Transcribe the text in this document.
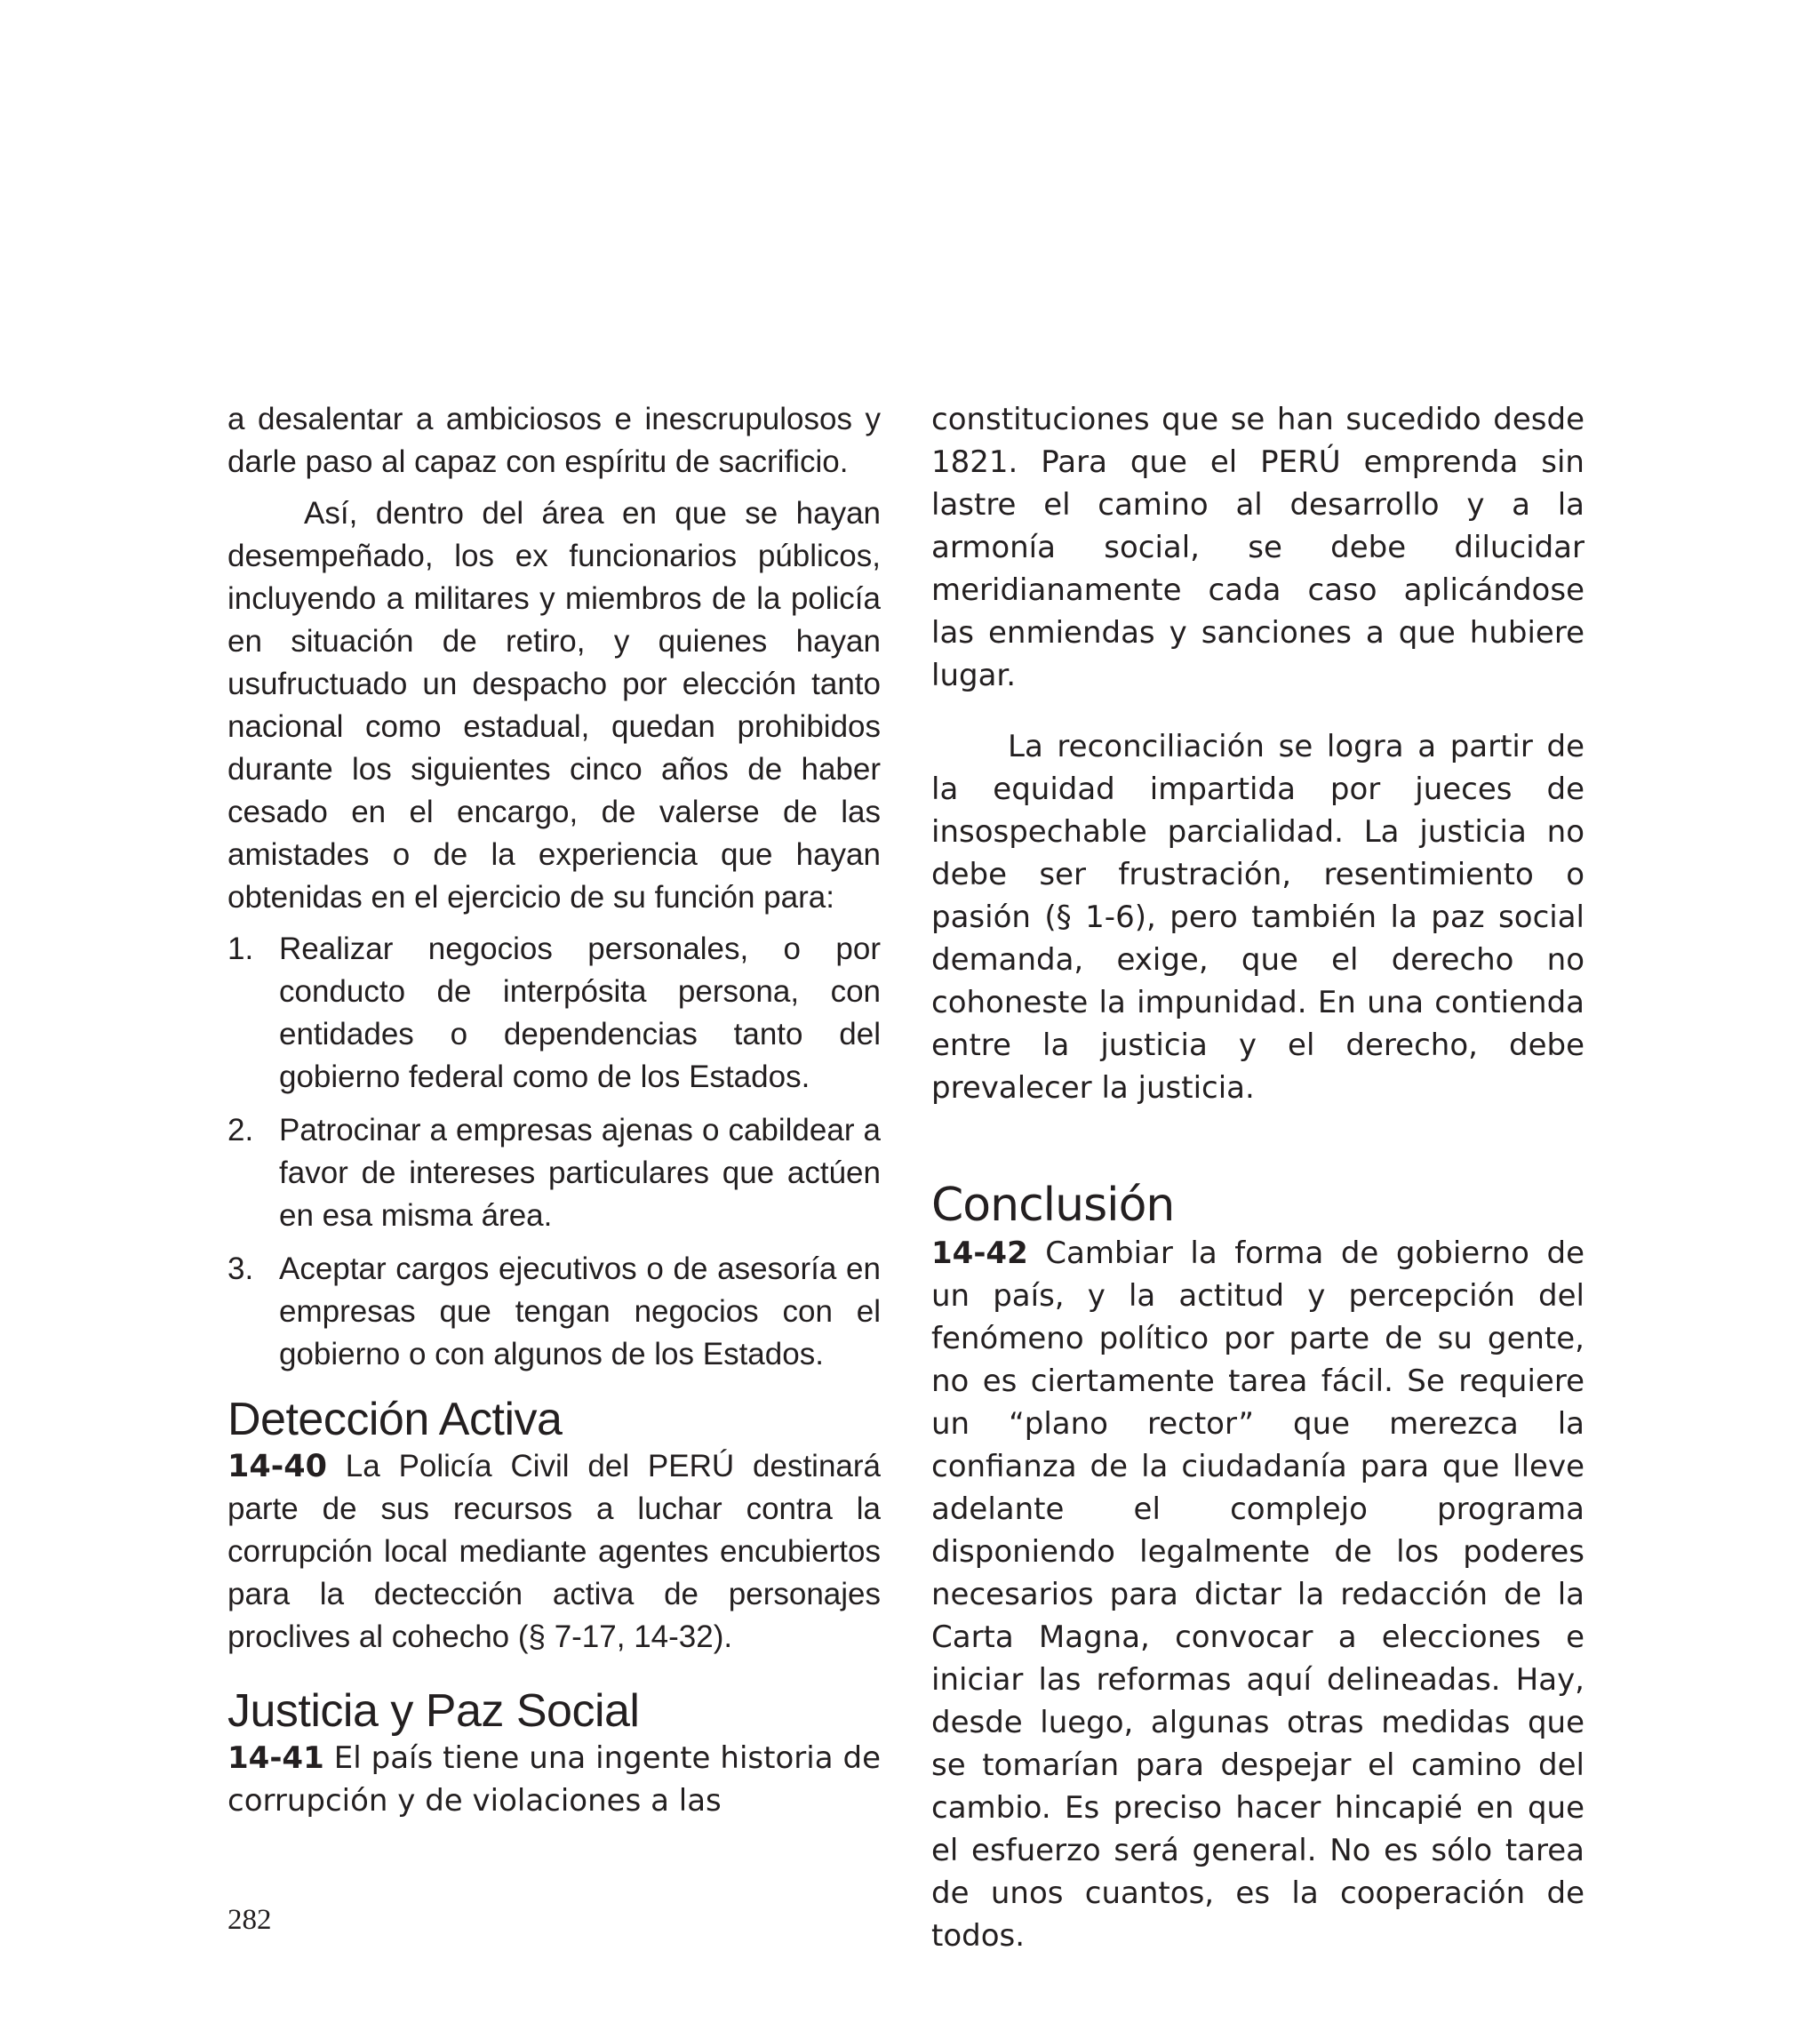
a desalentar a ambiciosos e inescrupulosos y darle paso al capaz con espíritu de sacrificio.

Así, dentro del área en que se hayan desempeñado, los ex funcionarios públicos, incluyendo a militares y miembros de la policía en situación de retiro, y quienes hayan usufructuado un despacho por elección tanto nacional como estadual, quedan prohibidos durante los siguientes cinco años de haber cesado en el encargo, de valerse de las amistades o de la experiencia que hayan obtenidas en el ejercicio de su función para:

1. Realizar negocios personales, o por conducto de interpósita persona, con entidades o dependencias tanto del gobierno federal como de los Estados.
2. Patrocinar a empresas ajenas o cabildear a favor de intereses particulares que actúen en esa misma área.
3. Aceptar cargos ejecutivos o de asesoría en empresas que tengan negocios con el gobierno o con algunos de los Estados.
Detección Activa

14-40 La Policía Civil del PERÚ destinará parte de sus recursos a luchar contra la corrupción local mediante agentes encubiertos para la dectección activa de personajes proclives al cohecho (§ 7-17, 14-32).

Justicia y Paz Social

14-41 El país tiene una ingente historia de corrupción y de violaciones a las

constituciones que se han sucedido desde 1821. Para que el PERÚ emprenda sin lastre el camino al desarrollo y a la armonía social, se debe dilucidar meridianamente cada caso aplicándose las enmiendas y sanciones a que hubiere lugar.

La reconciliación se logra a partir de la equidad impartida por jueces de insospechable parcialidad. La justicia no debe ser frustración, resentimiento o pasión (§ 1-6), pero también la paz social demanda, exige, que el derecho no cohoneste la impunidad. En una contienda entre la justicia y el derecho, debe prevalecer la justicia.

Conclusión

14-42 Cambiar la forma de gobierno de un país, y la actitud y percepción del fenómeno político por parte de su gente, no es ciertamente tarea fácil. Se requiere un “plano rector” que merezca la confianza de la ciudadanía para que lleve adelante el complejo programa disponiendo legalmente de los poderes necesarios para dictar la redacción de la Carta Magna, convocar a elecciones e iniciar las reformas aquí delineadas. Hay, desde luego, algunas otras medidas que se tomarían para despejar el camino del cambio. Es preciso hacer hincapié en que el esfuerzo será general. No es sólo tarea de unos cuantos, es la cooperación de todos.

282
